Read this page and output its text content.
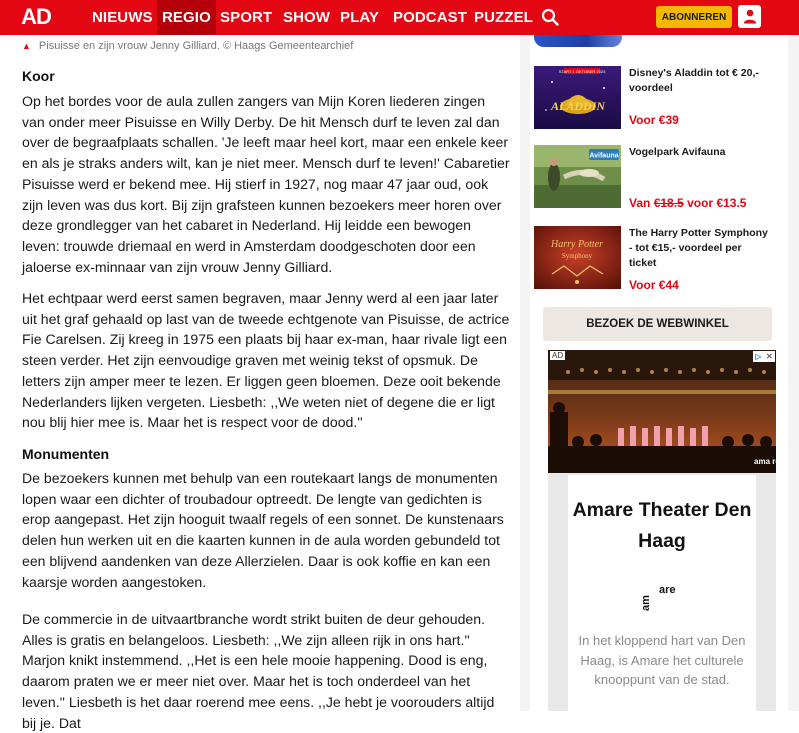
AD	NIEUWS REGIO SPORT SHOW PLAY PODCAST PUZZEL	ABONNEREN
▲ Pisuisse en zijn vrouw Jenny Gilliard. © Haags Gemeentearchief
Koor

Op het bordes voor de aula zullen zangers van Mijn Koren liederen zingen van onder meer Pisuisse en Willy Derby. De hit Mensch durf te leven zal dan over de begraafplaats schallen. 'Je leeft maar heel kort, maar een enkele keer en als je straks anders wilt, kan je niet meer. Mensch durf te leven!' Cabaretier Pisuisse werd er bekend mee. Hij stierf in 1927, nog maar 47 jaar oud, ook zijn leven was dus kort. Bij zijn grafsteen kunnen bezoekers meer horen over deze grondlegger van het cabaret in Nederland. Hij leidde een bewogen leven: trouwde driemaal en werd in Amsterdam doodgeschoten door een jaloerse ex-minnaar van zijn vrouw Jenny Gilliard.

Het echtpaar werd eerst samen begraven, maar Jenny werd al een jaar later uit het graf gehaald op last van de tweede echtgenote van Pisuisse, de actrice Fie Carelsen. Zij kreeg in 1975 een plaats bij haar ex-man, haar rivale ligt een steen verder. Het zijn eenvoudige graven met weinig tekst of opsmuk. De letters zijn amper meer te lezen. Er liggen geen bloemen. Deze ooit bekende Nederlanders lijken vergeten. Liesbeth: ,,We weten niet of degene die er ligt nou blij hier mee is. Maar het is respect voor de dood.''

Monumenten

De bezoekers kunnen met behulp van een routekaart langs de monumenten lopen waar een dichter of troubadour optreedt. De lengte van gedichten is erop aangepast. Het zijn hooguit twaalf regels of een sonnet. De kunstenaars delen hun werken uit en die kaarten kunnen in de aula worden gebundeld tot een blijvend aandenken van deze Allerzielen. Daar is ook koffie en kan een kaarsje worden aangestoken.

De commercie in de uitvaartbranche wordt strikt buiten de deur gehouden. Alles is gratis en belangeloos. Liesbeth: ,,We zijn alleen rijk in ons hart.'' Marjon knikt instemmend. ,,Het is een hele mooie happening. Dood is eng, daarom praten we er meer niet over. Maar het is toch onderdeel van het leven.'' Liesbeth is het daar roerend mee eens. ,,Je hebt je voorouders altijd bij je. Dat

START 1 OKTOBER 2023
ALADDIN
Disney's Aladdin tot € 20,- voordeel
Voor €39
Avifauna Vogelpark Avifauna
Van €18.5 voor €13.5
Harry Potter
Symphony
The Harry Potter Symphony - tot €15,- voordeel per ticket
Voor €44
BEZOEK DE WEBWINKEL
AD	▷ ✕
ama re
Amare Theater Den Haag
am
are
In het kloppend hart van Den Haag, is Amare het culturele knooppunt van de stad.
